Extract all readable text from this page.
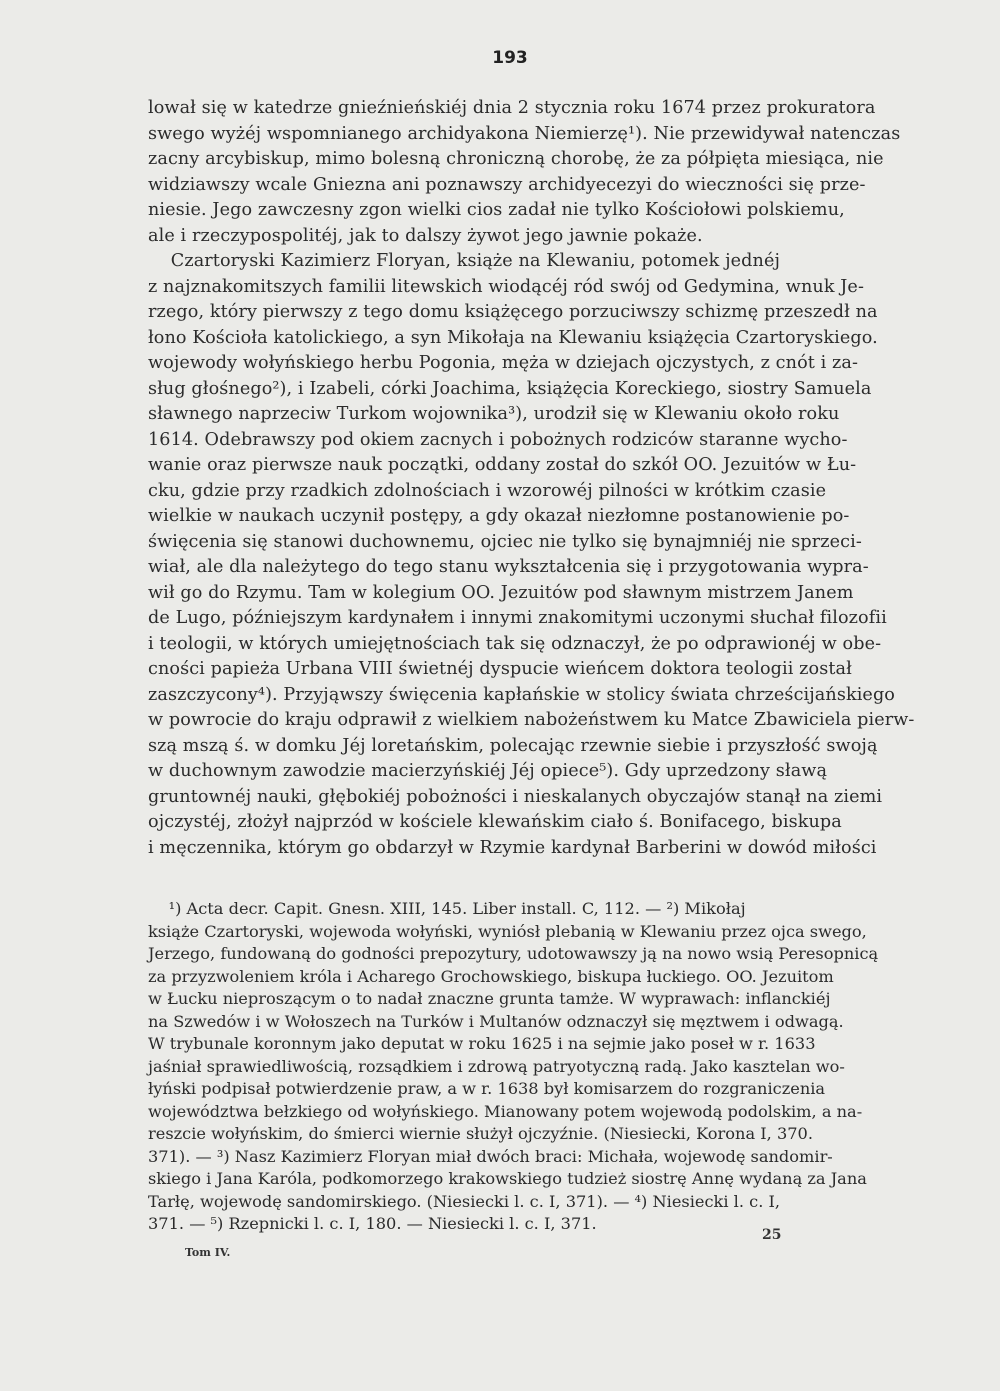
193
lował się w katedrze gnieźnieńskiéj dnia 2 stycznia roku 1674 przez prokuratora
swego wyżéj wspomnianego archidyakona Niemierzę¹). Nie przewidywał natenczas
zacny arcybiskup, mimo bolesną chroniczną chorobę, że za półpięta miesiąca, nie
widziawszy wcale Gniezna ani poznawszy archidyecezyi do wieczności się prze-
niesie. Jego zawczesny zgon wielki cios zadał nie tylko Kościołowi polskiemu,
ale i rzeczypospolitéj, jak to dalszy żywot jego jawnie pokaże.
Czartoryski Kazimierz Floryan, książe na Klewaniu, potomek jednéj
z najznakomitszych familii litewskich wiodącéj ród swój od Gedymina, wnuk Je-
rzego, który pierwszy z tego domu książęcego porzuciwszy schizmę przeszedł na
łono Kościoła katolickiego, a syn Mikołaja na Klewaniu książęcia Czartoryskiego.
wojewody wołyńskiego herbu Pogonia, męża w dziejach ojczystych, z cnót i za-
sług głośnego²), i Izabeli, córki Joachima, książęcia Koreckiego, siostry Samuela
sławnego naprzeciw Turkom wojownika³), urodził się w Klewaniu około roku
1614. Odebrawszy pod okiem zacnych i pobożnych rodziców staranne wycho-
wanie oraz pierwsze nauk początki, oddany został do szkół OO. Jezuitów w Łu-
cku, gdzie przy rzadkich zdolnościach i wzorowéj pilności w krótkim czasie
wielkie w naukach uczynił postępy, a gdy okazał niezłomne postanowienie po-
święcenia się stanowi duchownemu, ojciec nie tylko się bynajmniéj nie sprzeci-
wiał, ale dla należytego do tego stanu wykształcenia się i przygotowania wypra-
wił go do Rzymu. Tam w kolegium OO. Jezuitów pod sławnym mistrzem Janem
de Lugo, późniejszym kardynałem i innymi znakomitymi uczonymi słuchał filozofii
i teologii, w których umiejętnościach tak się odznaczył, że po odprawionéj w obe-
cności papieża Urbana VIII świetnéj dyspucie wieńcem doktora teologii został
zaszczycony⁴). Przyjąwszy święcenia kapłańskie w stolicy świata chrześcijańskiego
w powrocie do kraju odprawił z wielkiem nabożeństwem ku Matce Zbawiciela pierw-
szą mszą ś. w domku Jéj loretańskim, polecając rzewnie siebie i przyszłość swoją
w duchownym zawodzie macierzyńskiéj Jéj opiece⁵). Gdy uprzedzony sławą
gruntownéj nauki, głębokiéj pobożności i nieskalanych obyczajów stanął na ziemi
ojczystéj, złożył najprzód w kościele klewańskim ciało ś. Bonifacego, biskupa
i męczennika, którym go obdarzył w Rzymie kardynał Barberini w dowód miłości
¹) Acta decr. Capit. Gnesn. XIII, 145. Liber install. C, 112. — ²) Mikołaj
książe Czartoryski, wojewoda wołyński, wyniósł plebanią w Klewaniu przez ojca swego,
Jerzego, fundowaną do godności prepozytury, udotowawszy ją na nowo wsią Peresopnicą
za przyzwoleniem króla i Acharego Grochowskiego, biskupa łuckiego. OO. Jezuitom
w Łucku nieproszącym o to nadał znaczne grunta tamże. W wyprawach: inflanckiéj
na Szwedów i w Wołoszech na Turków i Multanów odznaczył się męztwem i odwagą.
W trybunale koronnym jako deputat w roku 1625 i na sejmie jako poseł w r. 1633
jaśniał sprawiedliwością, rozsądkiem i zdrową patryotyczną radą. Jako kasztelan wo-
łyński podpisał potwierdzenie praw, a w r. 1638 był komisarzem do rozgraniczenia
województwa bełzkiego od wołyńskiego. Mianowany potem wojewodą podolskim, a na-
reszcie wołyńskim, do śmierci wiernie służył ojczyźnie. (Niesiecki, Korona I, 370.
371). — ³) Nasz Kazimierz Floryan miał dwóch braci: Michała, wojewodę sandomir-
skiego i Jana Karóla, podkomorzego krakowskiego tudzież siostrę Annę wydaną za Jana
Tarłę, wojewodę sandomirskiego. (Niesiecki l. c. I, 371). — ⁴) Niesiecki l. c. I,
371. — ⁵) Rzepnicki l. c. I, 180. — Niesiecki l. c. I, 371.
25
Tom IV.
